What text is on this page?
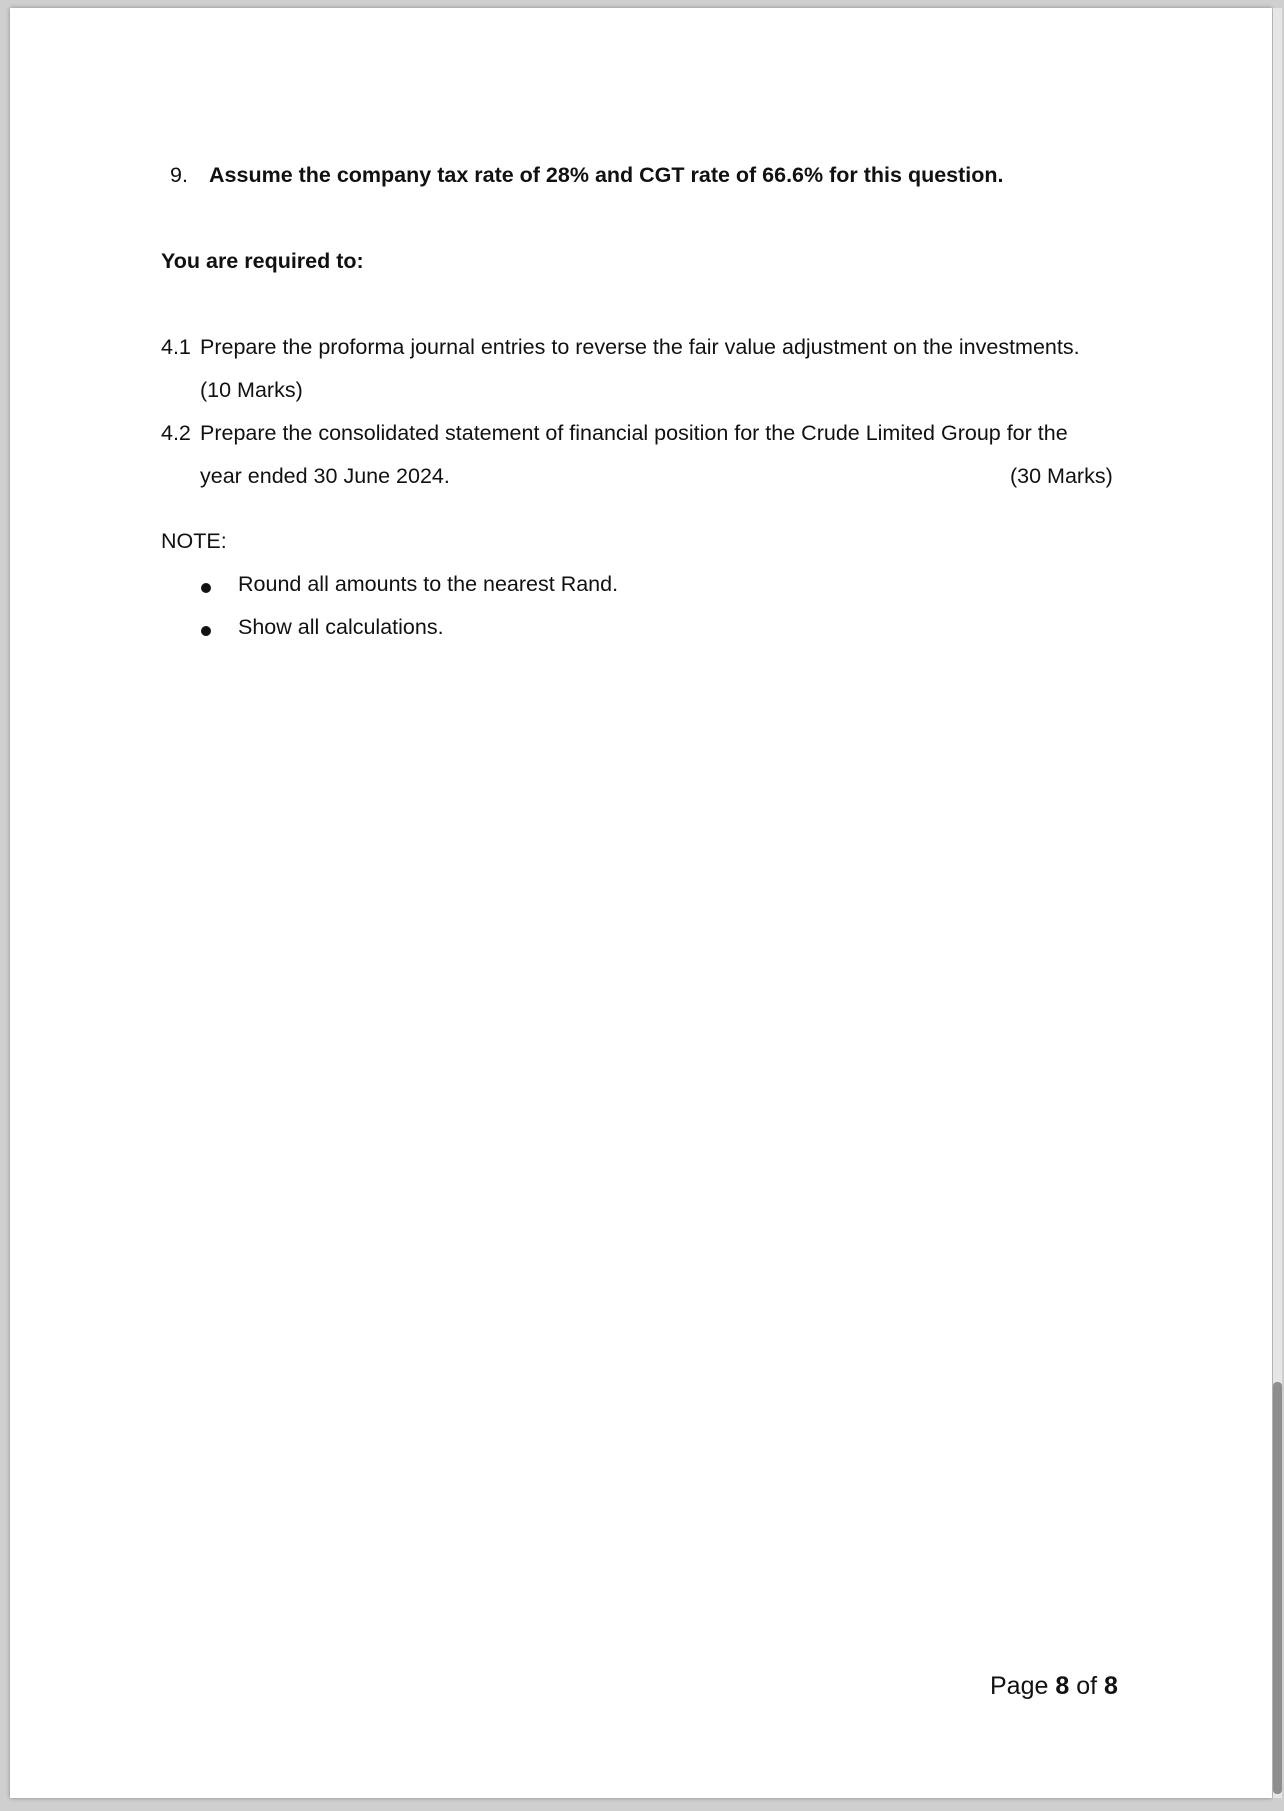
9. Assume the company tax rate of 28% and CGT rate of 66.6% for this question.
You are required to:
4.1 Prepare the proforma journal entries to reverse the fair value adjustment on the investments.
(10 Marks)
4.2 Prepare the consolidated statement of financial position for the Crude Limited Group for the
year ended 30 June 2024.	(30 Marks)
NOTE:
Round all amounts to the nearest Rand.
Show all calculations.
Page 8 of 8
